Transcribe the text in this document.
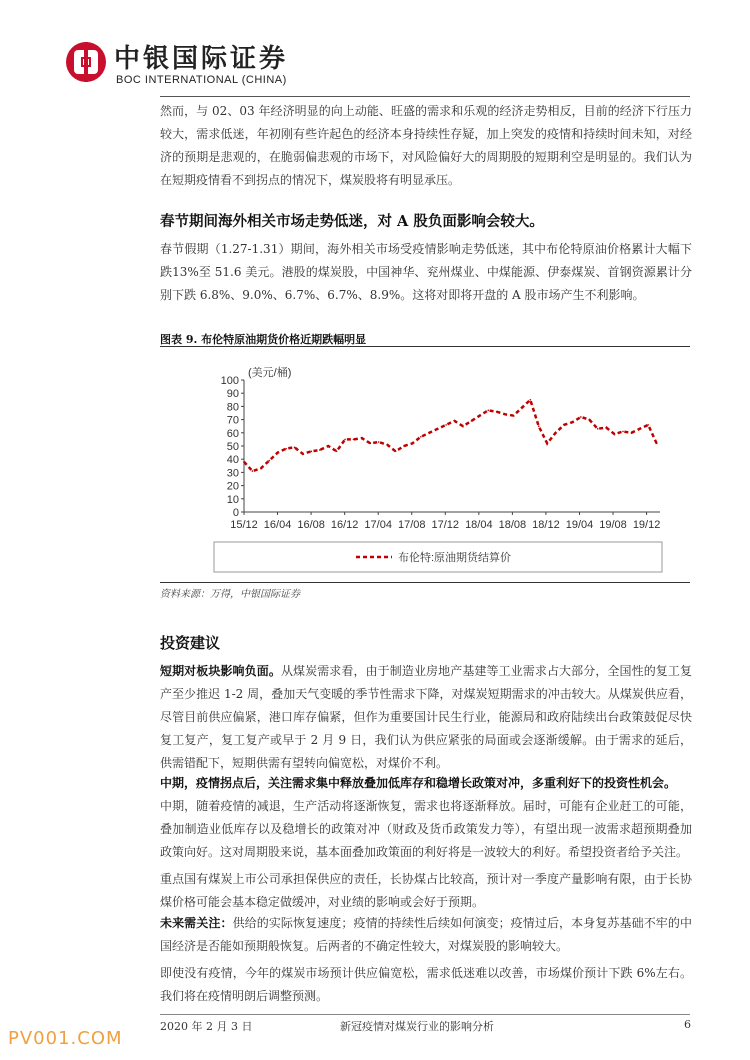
中银国际证券
BOC INTERNATIONAL (CHINA)
然而，与 02、03 年经济明显的向上动能、旺盛的需求和乐观的经济走势相反，目前的经济下行压力较大，需求低迷，年初刚有些许起色的经济本身持续性存疑，加上突发的疫情和持续时间未知，对经济的预期是悲观的，在脆弱偏悲观的市场下，对风险偏好大的周期股的短期利空是明显的。我们认为在短期疫情看不到拐点的情况下，煤炭股将有明显承压。
春节期间海外相关市场走势低迷，对 A 股负面影响会较大。
春节假期（1.27-1.31）期间，海外相关市场受疫情影响走势低迷，其中布伦特原油价格累计大幅下跌13%至 51.6 美元。港股的煤炭股，中国神华、兖州煤业、中煤能源、伊泰煤炭、首钢资源累计分别下跌 6.8%、9.0%、6.7%、6.7%、8.9%。这将对即将开盘的 A 股市场产生不利影响。
图表 9. 布伦特原油期货价格近期跌幅明显
0
10
20
30
40
50
60
70
80
90
100
15/12 16/04 16/08 16/12 17/04 17/08 17/12 18/04 18/08 18/12 19/04 19/08 19/12
(美元/桶)
布伦特:原油期货结算价
资料来源：万得，中银国际证券
投资建议
短期对板块影响负面。从煤炭需求看，由于制造业房地产基建等工业需求占大部分，全国性的复工复产至少推迟 1-2 周，叠加天气变暖的季节性需求下降，对煤炭短期需求的冲击较大。从煤炭供应看，尽管目前供应偏紧，港口库存偏紧，但作为重要国计民生行业，能源局和政府陆续出台政策鼓促尽快复工复产，复工复产或早于 2 月 9 日，我们认为供应紧张的局面或会逐渐缓解。由于需求的延后，供需错配下，短期供需有望转向偏宽松，对煤价不利。
中期，疫情拐点后，关注需求集中释放叠加低库存和稳增长政策对冲，多重利好下的投资性机会。
中期，随着疫情的减退，生产活动将逐渐恢复，需求也将逐渐释放。届时，可能有企业赶工的可能，叠加制造业低库存以及稳增长的政策对冲（财政及货币政策发力等），有望出现一波需求超预期叠加政策向好。这对周期股来说，基本面叠加政策面的利好将是一波较大的利好。希望投资者给予关注。
重点国有煤炭上市公司承担保供应的责任，长协煤占比较高，预计对一季度产量影响有限，由于长协煤价格可能会基本稳定做缓冲，对业绩的影响或会好于预期。
未来需关注：供给的实际恢复速度；疫情的持续性后续如何演变；疫情过后，本身复苏基础不牢的中国经济是否能如预期般恢复。后两者的不确定性较大，对煤炭股的影响较大。
即使没有疫情，今年的煤炭市场预计供应偏宽松，需求低迷难以改善，市场煤价预计下跌 6%左右。我们将在疫情明朗后调整预测。
2020 年 2 月 3 日	新冠疫情对煤炭行业的影响分析	6
PV001.COM
